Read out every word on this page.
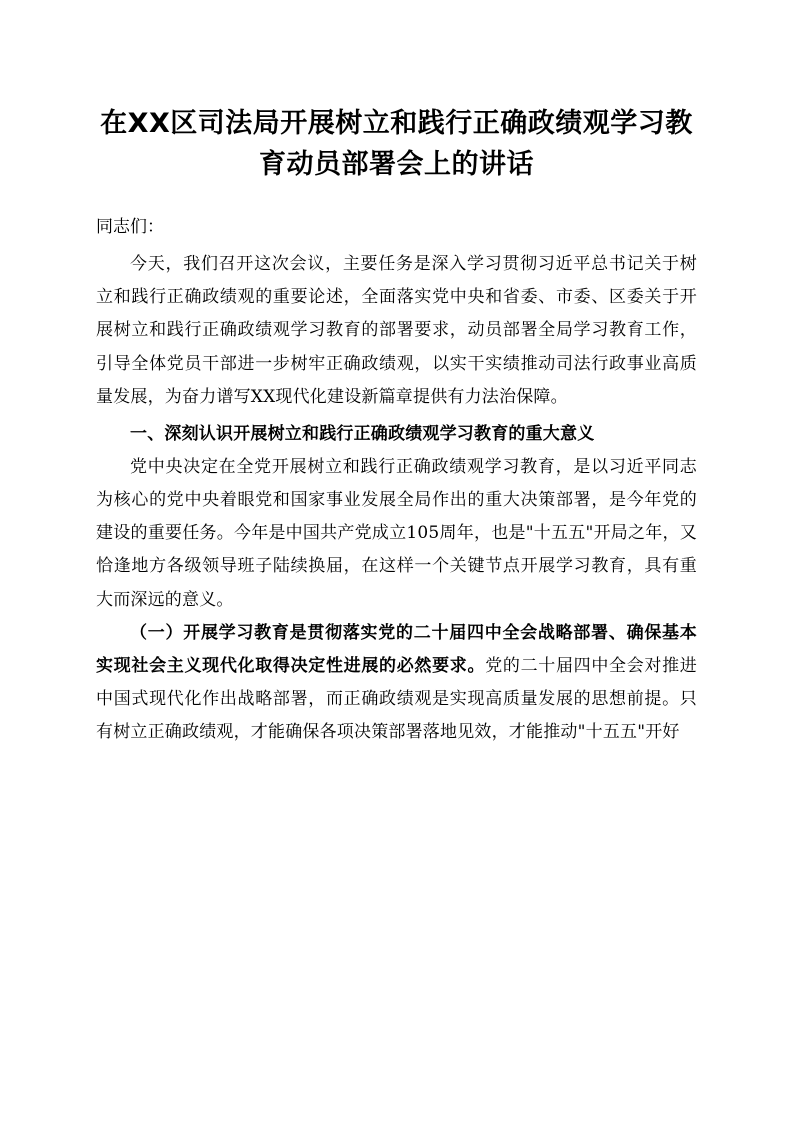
在XX区司法局开展树立和践行正确政绩观学习教育动员部署会上的讲话
同志们：

今天，我们召开这次会议，主要任务是深入学习贯彻习近平总书记关于树立和践行正确政绩观的重要论述，全面落实党中央和省委、市委、区委关于开展树立和践行正确政绩观学习教育的部署要求，动员部署全局学习教育工作，引导全体党员干部进一步树牢正确政绩观，以实干实绩推动司法行政事业高质量发展，为奋力谱写XX现代化建设新篇章提供有力法治保障。

一、深刻认识开展树立和践行正确政绩观学习教育的重大意义

党中央决定在全党开展树立和践行正确政绩观学习教育，是以习近平同志为核心的党中央着眼党和国家事业发展全局作出的重大决策部署，是今年党的建设的重要任务。今年是中国共产党成立105周年，也是"十五五"开局之年，又恰逢地方各级领导班子陆续换届，在这样一个关键节点开展学习教育，具有重大而深远的意义。

（一）开展学习教育是贯彻落实党的二十届四中全会战略部署、确保基本实现社会主义现代化取得决定性进展的必然要求。党的二十届四中全会对推进中国式现代化作出战略部署，而正确政绩观是实现高质量发展的思想前提。只有树立正确政绩观，才能确保各项决策部署落地见效，才能推动"十五五"开好
